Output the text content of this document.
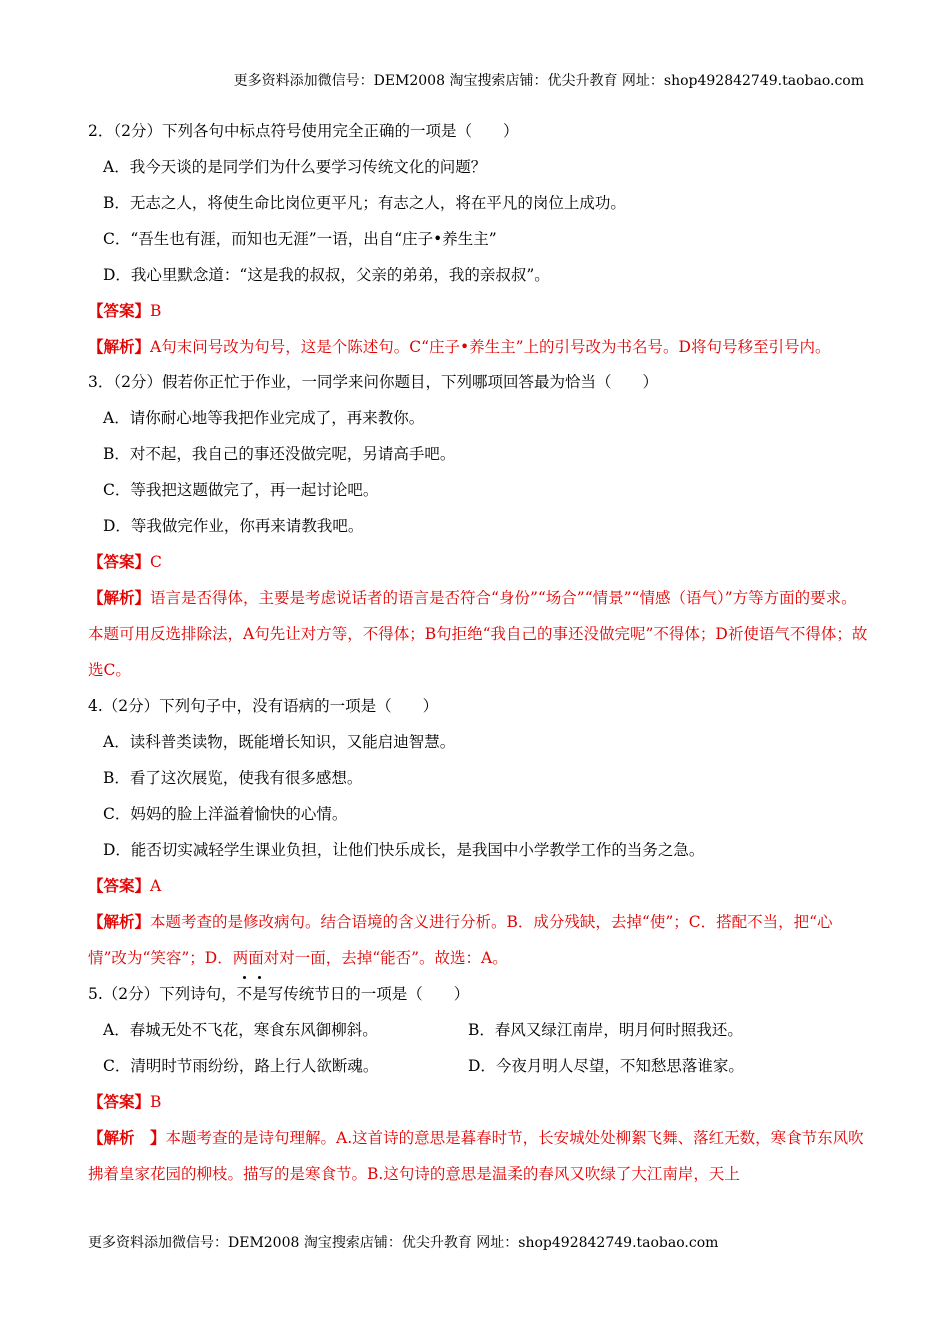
更多资料添加微信号：DEM2008 淘宝搜索店铺：优尖升教育 网址：shop492842749.taobao.com
2．（2分）下列各句中标点符号使用完全正确的一项是（　　）
A．我今天谈的是同学们为什么要学习传统文化的问题？
B．无志之人，将使生命比岗位更平凡；有志之人，将在平凡的岗位上成功。
C．“吾生也有涯，而知也无涯”一语，出自“庄子•养生主”
D．我心里默念道：“这是我的叔叔，父亲的弟弟，我的亲叔叔”。
【答案】B
【解析】A句末问号改为句号，这是个陈述句。C“庄子•养生主”上的引号改为书名号。D将句号移至引号内。
3．（2分）假若你正忙于作业，一同学来问你题目，下列哪项回答最为恰当（　　）
A．请你耐心地等我把作业完成了，再来教你。
B．对不起，我自己的事还没做完呢，另请高手吧。
C．等我把这题做完了，再一起讨论吧。
D．等我做完作业，你再来请教我吧。
【答案】C
【解析】语言是否得体，主要是考虑说话者的语言是否符合“身份”“场合”“情景”“情感（语气）”方等方面的要求。本题可用反选排除法，A句先让对方等，不得体；B句拒绝“我自己的事还没做完呢”不得体；D祈使语气不得体；故选C。
4.（2分）下列句子中，没有语病的一项是（　　）
A．读科普类读物，既能增长知识，又能启迪智慧。
B．看了这次展览，使我有很多感想。
C．妈妈的脸上洋溢着愉快的心情。
D．能否切实减轻学生课业负担，让他们快乐成长，是我国中小学教学工作的当务之急。
【答案】A
【解析】本题考查的是修改病句。结合语境的含义进行分析。B．成分残缺，去掉“使”；C．搭配不当，把“心情”改为“笑容”；D．两面对对一面，去掉“能否”。故选：A。
5.（2分）下列诗句，不是写传统节日的一项是（　　）
A．春城无处不飞花，寒食东风御柳斜。	B．春风又绿江南岸，明月何时照我还。
C．清明时节雨纷纷，路上行人欲断魂。	D．今夜月明人尽望，不知愁思落谁家。
【答案】B
【解析　】本题考查的是诗句理解。A.这首诗的意思是暮春时节，长安城处处柳絮飞舞、落红无数，寒食节东风吹拂着皇家花园的柳枝。描写的是寒食节。B.这句诗的意思是温柔的春风又吹绿了大江南岸，天上
更多资料添加微信号：DEM2008 淘宝搜索店铺：优尖升教育 网址：shop492842749.taobao.com
